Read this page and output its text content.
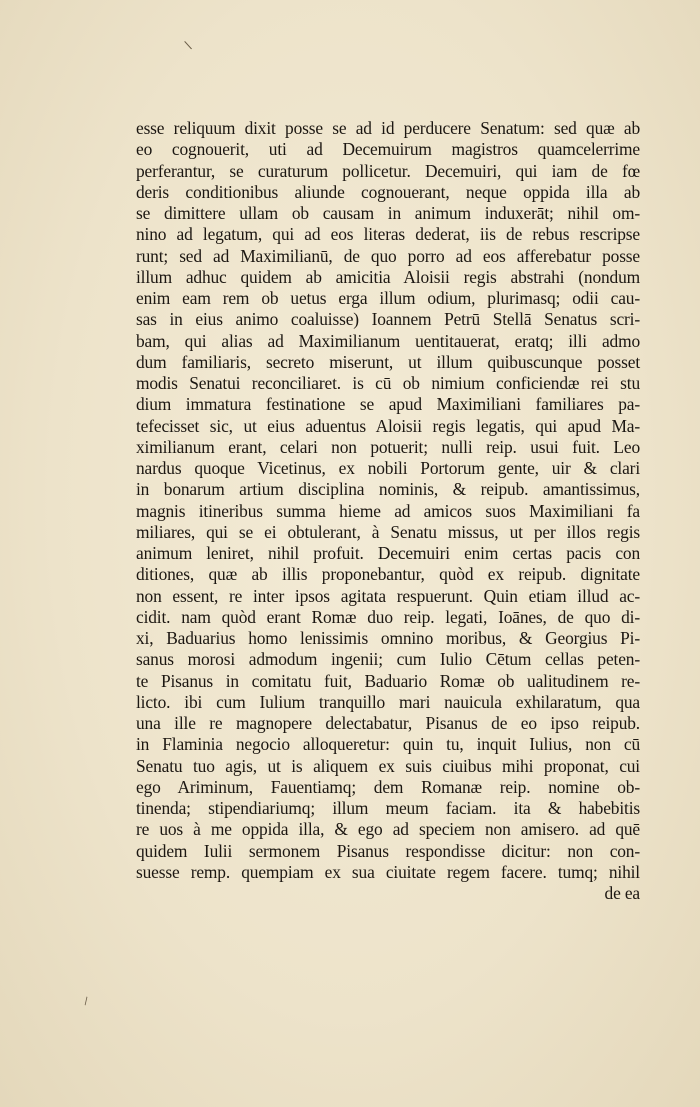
\
esse reliquum dixit posse se ad id perducere Senatum: sed quæ ab
eo cognouerit, uti ad Decemuirum magistros quamcelerrime
perferantur, se curaturum pollicetur. Decemuiri, qui iam de fœ
deris conditionibus aliunde cognouerant, neque oppida illa ab
se dimittere ullam ob causam in animum induxerāt; nihil om-
nino ad legatum, qui ad eos literas dederat, iis de rebus rescripse
runt; sed ad Maximilianū, de quo porro ad eos afferebatur posse
illum adhuc quidem ab amicitia Aloisii regis abstrahi (nondum
enim eam rem ob uetus erga illum odium, plurimasq; odii cau-
sas in eius animo coaluisse) Ioannem Petrū Stellā Senatus scri-
bam, qui alias ad Maximilianum uentitauerat, eratq; illi admo
dum familiaris, secreto miserunt, ut illum quibuscunque posset
modis Senatui reconciliaret. is cū ob nimium conficiendæ rei stu
dium immatura festinatione se apud Maximiliani familiares pa-
tefecisset sic, ut eius aduentus Aloisii regis legatis, qui apud Ma-
ximilianum erant, celari non potuerit; nulli reip. usui fuit. Leo
nardus quoque Vicetinus, ex nobili Portorum gente, uir & clari
in bonarum artium disciplina nominis, & reipub. amantissimus,
magnis itineribus summa hieme ad amicos suos Maximiliani fa
miliares, qui se ei obtulerant, à Senatu missus, ut per illos regis
animum leniret, nihil profuit. Decemuiri enim certas pacis con
ditiones, quæ ab illis proponebantur, quòd ex reipub. dignitate
non essent, re inter ipsos agitata respuerunt. Quin etiam illud ac-
cidit. nam quòd erant Romæ duo reip. legati, Ioānes, de quo di-
xi, Baduarius homo lenissimis omnino moribus, & Georgius Pi-
sanus morosi admodum ingenii; cum Iulio Cētum cellas peten-
te Pisanus in comitatu fuit, Baduario Romæ ob ualitudinem re-
licto. ibi cum Iulium tranquillo mari nauicula exhilaratum, qua
una ille re magnopere delectabatur, Pisanus de eo ipso reipub.
in Flaminia negocio alloqueretur: quin tu, inquit Iulius, non cū
Senatu tuo agis, ut is aliquem ex suis ciuibus mihi proponat, cui
ego Ariminum, Fauentiamq; dem Romanæ reip. nomine ob-
tinenda; stipendiariumq; illum meum faciam. ita & habebitis
re uos à me oppida illa, & ego ad speciem non amisero. ad quē
quidem Iulii sermonem Pisanus respondisse dicitur: non con-
suesse remp. quempiam ex sua ciuitate regem facere. tumq; nihil
de ea
\
